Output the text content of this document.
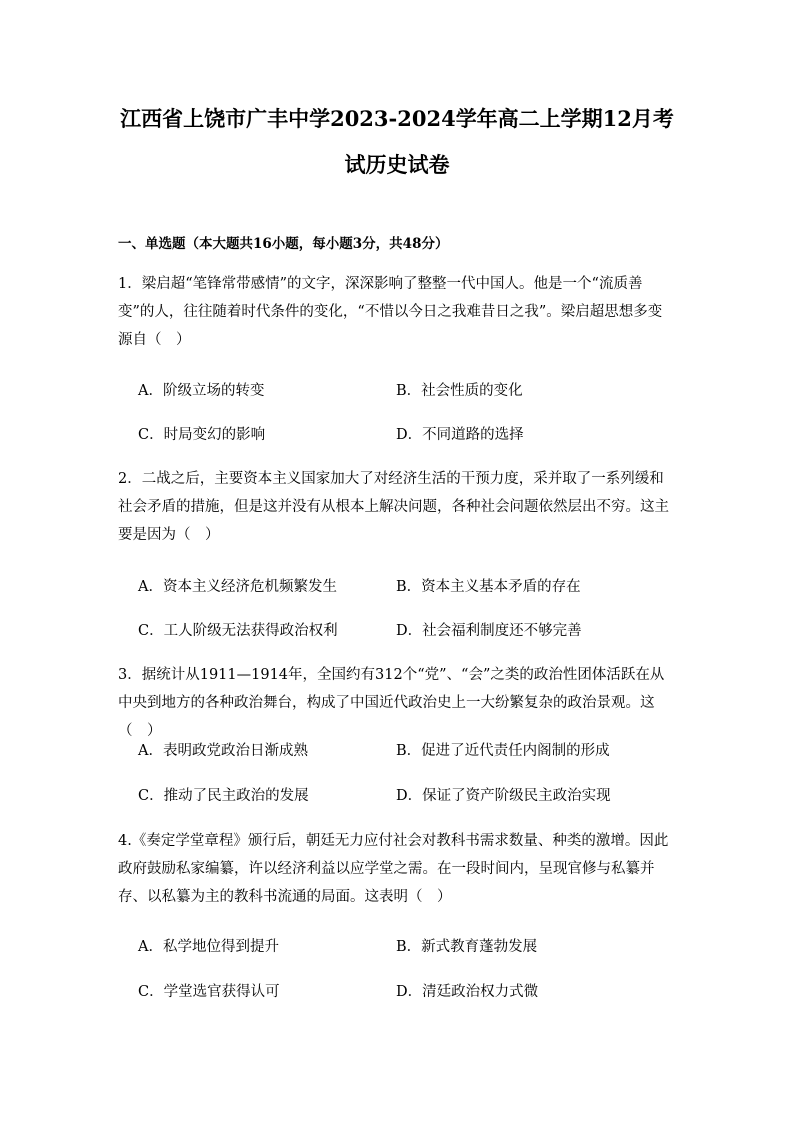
江西省上饶市广丰中学2023-2024学年高二上学期12月考试历史试卷
一、单选题（本大题共16小题，每小题3分，共48分）
1．梁启超“笔锋常带感情”的文字，深深影响了整整一代中国人。他是一个“流质善变”的人，往往随着时代条件的变化，“不惜以今日之我难昔日之我”。梁启超思想多变源自（　）
A．阶级立场的转变	B．社会性质的变化
C．时局变幻的影响	D．不同道路的选择
2．二战之后，主要资本主义国家加大了对经济生活的干预力度，采并取了一系列缓和社会矛盾的措施，但是这并没有从根本上解决问题，各种社会问题依然层出不穷。这主要是因为（　）
A．资本主义经济危机频繁发生	B．资本主义基本矛盾的存在
C．工人阶级无法获得政治权利	D．社会福利制度还不够完善
3．据统计从1911—1914年，全国约有312个“党”、“会”之类的政治性团体活跃在从中央到地方的各种政治舞台，构成了中国近代政治史上一大纷繁复杂的政治景观。这（　）
A．表明政党政治日渐成熟	B．促进了近代责任内阁制的形成
C．推动了民主政治的发展	D．保证了资产阶级民主政治实现
4.《奏定学堂章程》颁行后，朝廷无力应付社会对教科书需求数量、种类的激增。因此政府鼓励私家编纂，许以经济利益以应学堂之需。在一段时间内，呈现官修与私纂并存、以私纂为主的教科书流通的局面。这表明（　）
A．私学地位得到提升	B．新式教育蓬勃发展
C．学堂选官获得认可	D．清廷政治权力式微
